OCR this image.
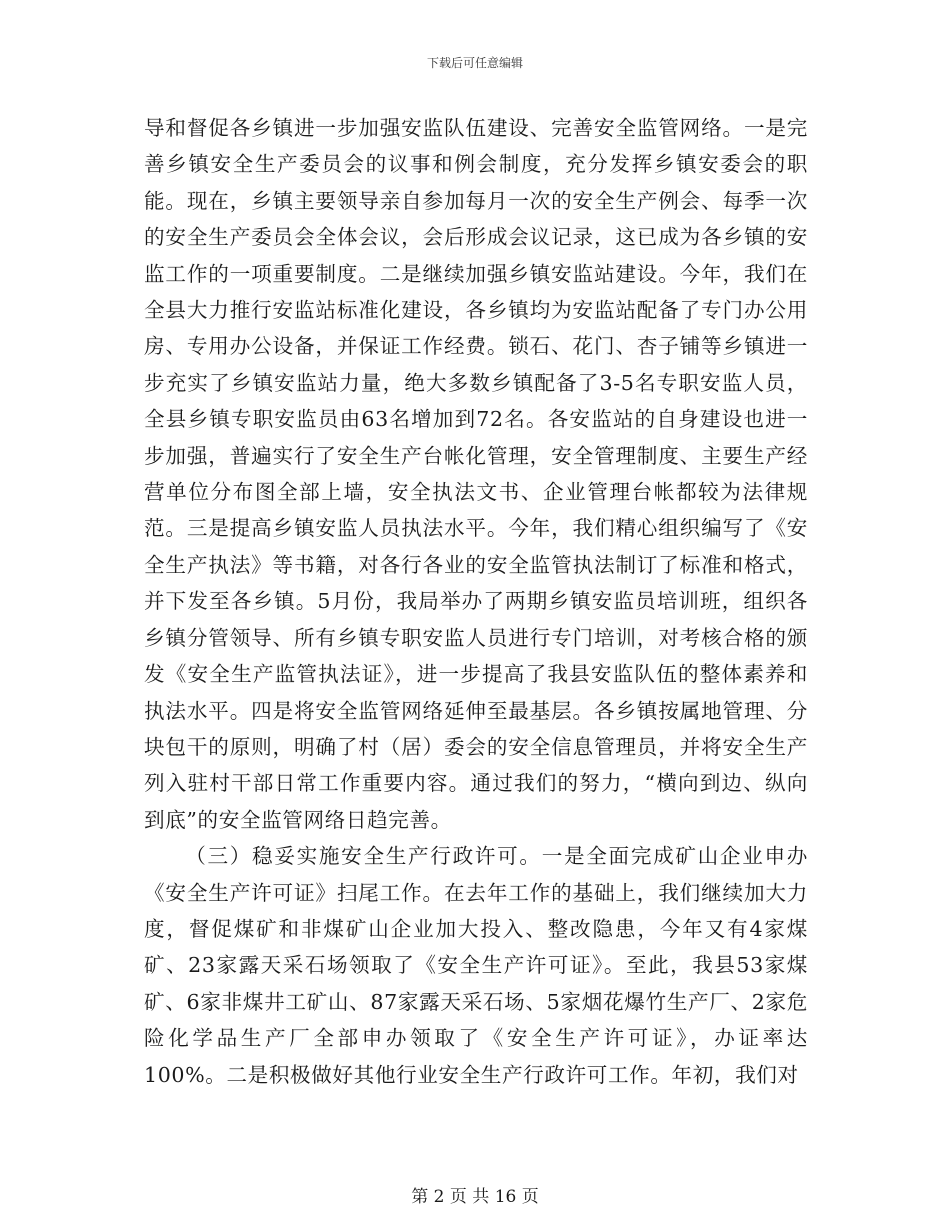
下载后可任意编辑

导和督促各乡镇进一步加强安监队伍建设、完善安全监管网络。一是完善乡镇安全生产委员会的议事和例会制度，充分发挥乡镇安委会的职能。现在，乡镇主要领导亲自参加每月一次的安全生产例会、每季一次的安全生产委员会全体会议，会后形成会议记录，这已成为各乡镇的安监工作的一项重要制度。二是继续加强乡镇安监站建设。今年，我们在全县大力推行安监站标准化建设，各乡镇均为安监站配备了专门办公用房、专用办公设备，并保证工作经费。锁石、花门、杏子铺等乡镇进一步充实了乡镇安监站力量，绝大多数乡镇配备了3-5名专职安监人员，全县乡镇专职安监员由63名增加到72名。各安监站的自身建设也进一步加强，普遍实行了安全生产台帐化管理，安全管理制度、主要生产经营单位分布图全部上墙，安全执法文书、企业管理台帐都较为法律规范。三是提高乡镇安监人员执法水平。今年，我们精心组织编写了《安全生产执法》等书籍，对各行各业的安全监管执法制订了标准和格式，并下发至各乡镇。5月份，我局举办了两期乡镇安监员培训班，组织各乡镇分管领导、所有乡镇专职安监人员进行专门培训，对考核合格的颁发《安全生产监管执法证》，进一步提高了我县安监队伍的整体素养和执法水平。四是将安全监管网络延伸至最基层。各乡镇按属地管理、分块包干的原则，明确了村（居）委会的安全信息管理员，并将安全生产列入驻村干部日常工作重要内容。通过我们的努力，“横向到边、纵向到底”的安全监管网络日趋完善。

（三）稳妥实施安全生产行政许可。一是全面完成矿山企业申办《安全生产许可证》扫尾工作。在去年工作的基础上，我们继续加大力度，督促煤矿和非煤矿山企业加大投入、整改隐患，今年又有4家煤矿、23家露天采石场领取了《安全生产许可证》。至此，我县53家煤矿、6家非煤井工矿山、87家露天采石场、5家烟花爆竹生产厂、2家危险化学品生产厂全部申办领取了《安全生产许可证》，办证率达100%。二是积极做好其他行业安全生产行政许可工作。年初，我们对

第 2 页 共 16 页
